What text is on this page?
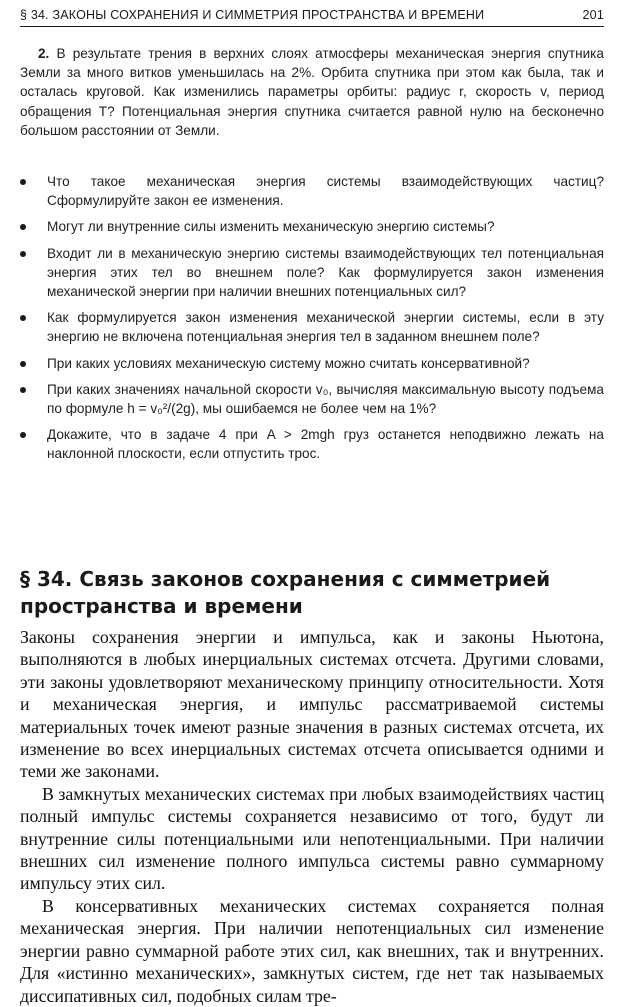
§ 34. ЗАКОНЫ СОХРАНЕНИЯ И СИММЕТРИЯ ПРОСТРАНСТВА И ВРЕМЕНИ	201

2. В результате трения в верхних слоях атмосферы механическая энергия спутника Земли за много витков уменьшилась на 2%. Орбита спутника при этом как была, так и осталась круговой. Как изменились параметры орбиты: радиус r, скорость v, период обращения T? Потенциальная энергия спутника считается равной нулю на бесконечно большом расстоянии от Земли.

Что такое механическая энергия системы взаимодействующих частиц? Сформулируйте закон ее изменения.
Могут ли внутренние силы изменить механическую энергию системы?
Входит ли в механическую энергию системы взаимодействующих тел потенциальная энергия этих тел во внешнем поле? Как формулируется закон изменения механической энергии при наличии внешних потенциальных сил?
Как формулируется закон изменения механической энергии системы, если в эту энергию не включена потенциальная энергия тел в заданном внешнем поле?
При каких условиях механическую систему можно считать консервативной?
При каких значениях начальной скорости v₀, вычисляя максимальную высоту подъема по формуле h = v₀²/(2g), мы ошибаемся не более чем на 1%?
Докажите, что в задаче 4 при A > 2mgh груз останется неподвижно лежать на наклонной плоскости, если отпустить трос.
§ 34. Связь законов сохранения с симметрией пространства и времени

Законы сохранения энергии и импульса, как и законы Ньютона, выполняются в любых инерциальных системах отсчета. Другими словами, эти законы удовлетворяют механическому принципу относительности. Хотя и механическая энергия, и импульс рассматриваемой системы материальных точек имеют разные значения в разных системах отсчета, их изменение во всех инерциальных системах отсчета описывается одними и теми же законами.

В замкнутых механических системах при любых взаимодействиях частиц полный импульс системы сохраняется независимо от того, будут ли внутренние силы потенциальными или непотенциальными. При наличии внешних сил изменение полного импульса системы равно суммарному импульсу этих сил.

В консервативных механических системах сохраняется полная механическая энергия. При наличии непотенциальных сил изменение энергии равно суммарной работе этих сил, как внешних, так и внутренних. Для «истинно механических», замкнутых систем, где нет так называемых диссипативных сил, подобных силам тре-
